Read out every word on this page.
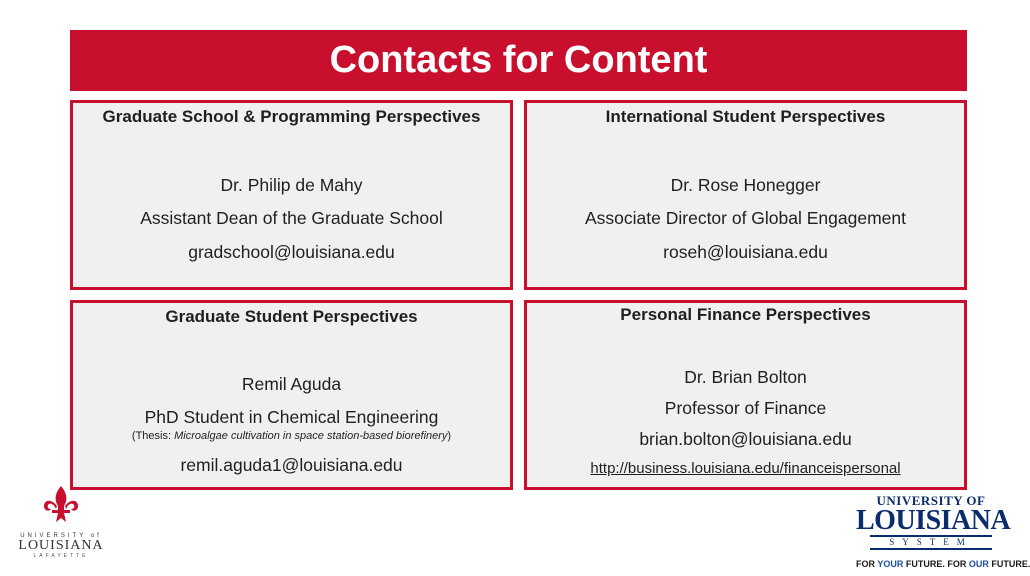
Contacts for Content
Graduate School & Programming Perspectives
Dr. Philip de Mahy
Assistant Dean of the Graduate School
gradschool@louisiana.edu
International Student Perspectives
Dr. Rose Honegger
Associate Director of Global Engagement
roseh@louisiana.edu
Graduate Student Perspectives
Remil Aguda
PhD Student in Chemical Engineering
(Thesis: Microalgae cultivation in space station-based biorefinery)
remil.aguda1@louisiana.edu
Personal Finance Perspectives
Dr. Brian Bolton
Professor of Finance
brian.bolton@louisiana.edu
http://business.louisiana.edu/financeispersonal
UNIVERSITY of
LOUISIANA
LAFAYETTE
UNIVERSITY OF
LOUISIANA
SYSTEM
FOR YOUR FUTURE. FOR OUR FUTURE.
